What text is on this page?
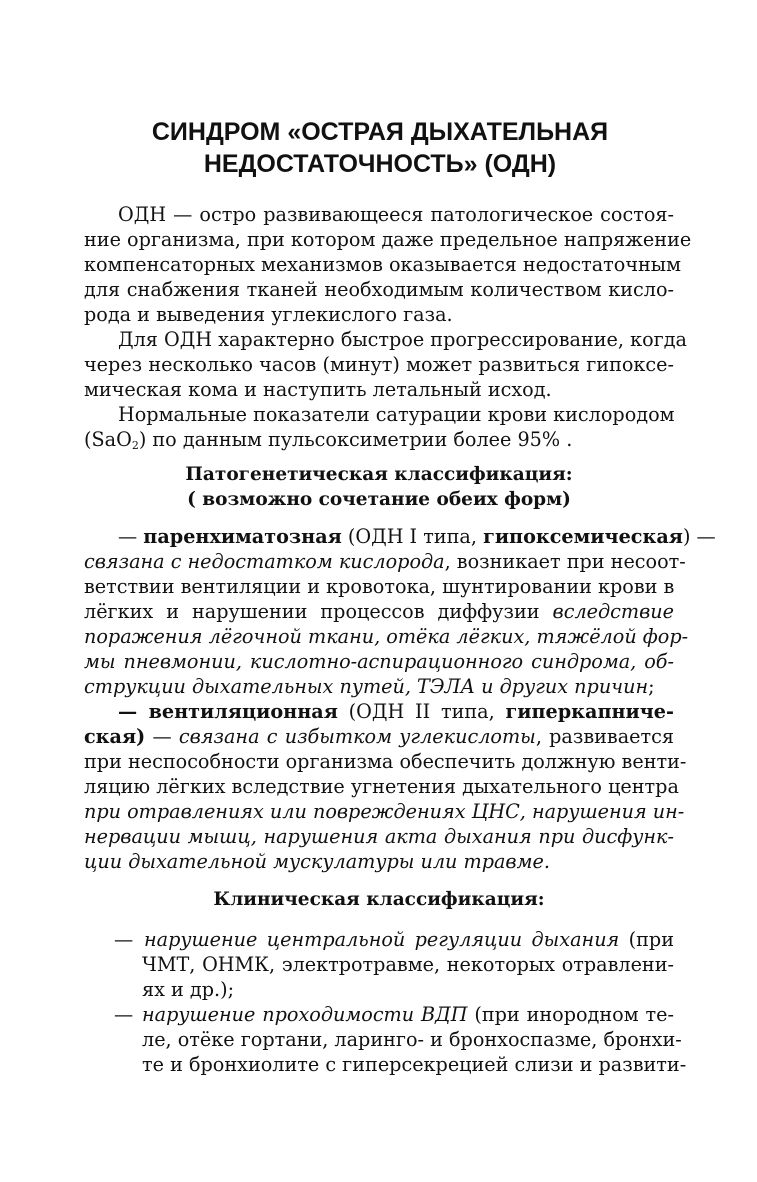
СИНДРОМ «ОСТРАЯ ДЫХАТЕЛЬНАЯ
НЕДОСТАТОЧНОСТЬ» (ОДН)
ОДН — остро развивающееся патологическое состоя-
ние организма, при котором даже предельное напряжение
компенсаторных механизмов оказывается недостаточным
для снабжения тканей необходимым количеством кисло-
рода и выведения углекислого газа.
Для ОДН характерно быстрое прогрессирование, когда
через несколько часов (минут) может развиться гипоксе-
мическая кома и наступить летальный исход.
Нормальные показатели сатурации крови кислородом
(SaO$_2$) по данным пульсоксиметрии более 95% .
Патогенетическая классификация:
( возможно сочетание обеих форм)
— паренхиматозная (ОДН I типа, гипоксемическая) —
связана с недостатком кислорода, возникает при несоот-
ветствии вентиляции и кровотока, шунтировании крови в
лёгких и нарушении процессов диффузии вследствие
поражения лёгочной ткани, отёка лёгких, тяжёлой фор-
мы пневмонии, кислотно-аспирационного синдрома, об-
струкции дыхательных путей, ТЭЛА и других причин;
— вентиляционная (ОДН II типа, гиперкапниче-
ская) — связана с избытком углекислоты, развивается
при неспособности организма обеспечить должную венти-
ляцию лёгких вследствие угнетения дыхательного центра
при отравлениях или повреждениях ЦНС, нарушения ин-
нервации мышц, нарушения акта дыхания при дисфунк-
ции дыхательной мускулатуры или травме.
Клиническая классификация:
— нарушение центральной регуляции дыхания (при
ЧМТ, ОНМК, электротравме, некоторых отравлени-
ях и др.);
— нарушение проходимости ВДП (при инородном те-
ле, отёке гортани, ларинго- и бронхоспазме, бронхи-
те и бронхиолите с гиперсекрецией слизи и развити-
